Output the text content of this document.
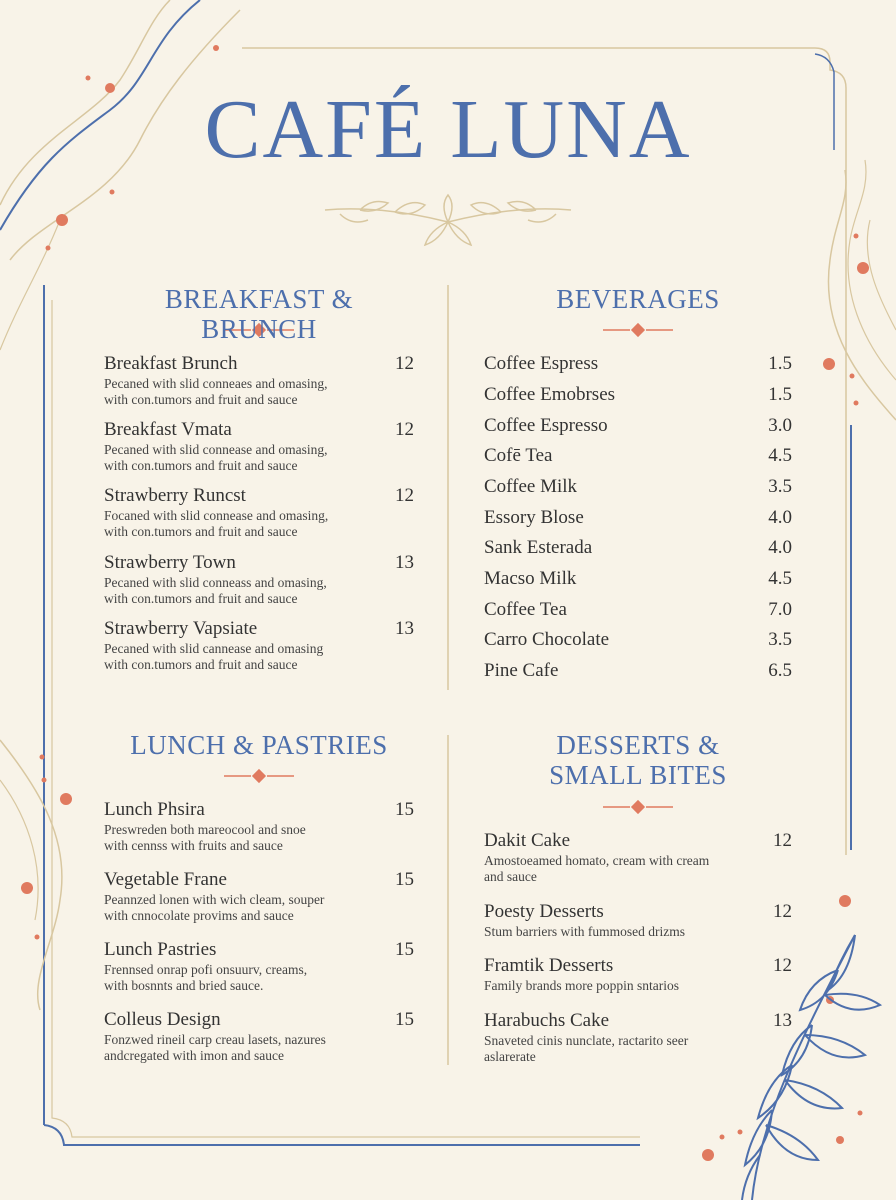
CAFÉ LUNA
BREAKFAST & BRUNCH
Breakfast Brunch	12
Pecaned with slid conneaes and omasing,
with con.tumors and fruit and sauce
Breakfast Vmata	12
Pecaned with slid connease and omasing,
with con.tumors and fruit and sauce
Strawberry Runcst	12
Focaned with slid connease and omasing,
with con.tumors and fruit and sauce
Strawberry Town	13
Pecaned with slid conneass and omasing,
with con.tumors and fruit and sauce
Strawberry Vapsiate	13
Pecaned with slid cannease and omasing
with con.tumors and fruit and sauce
BEVERAGES
Coffee Espress	1.5
Coffee Emobrses	1.5
Coffee Espresso	3.0
Cofē Tea	4.5
Coffee Milk	3.5
Essory Blose	4.0
Sank Esterada	4.0
Macso Milk	4.5
Coffee Tea	7.0
Carro Chocolate	3.5
Pine Cafe	6.5
LUNCH & PASTRIES
Lunch Phsira	15
Preswreden both mareocool and snoe
with cennss with fruits and sauce
Vegetable Frane	15
Peannzed lonen with wich cleam, souper
with cnnocolate provims and sauce
Lunch Pastries	15
Frennsed onrap pofi onsuurv, creams,
with bosnnts and bried sauce.
Colleus Design	15
Fonzwed rineil carp creau lasets, nazures
andcregated with imon and sauce
DESSERTS &
SMALL BITES
Dakit Cake	12
Amostoeamed homato, cream with cream
and sauce
Poesty Desserts	12
Stum barriers with fummosed drizms
Framtik Desserts	12
Family brands more poppin sntarios
Harabuchs Cake	13
Snaveted cinis nunclate, ractarito seer
aslarerate
